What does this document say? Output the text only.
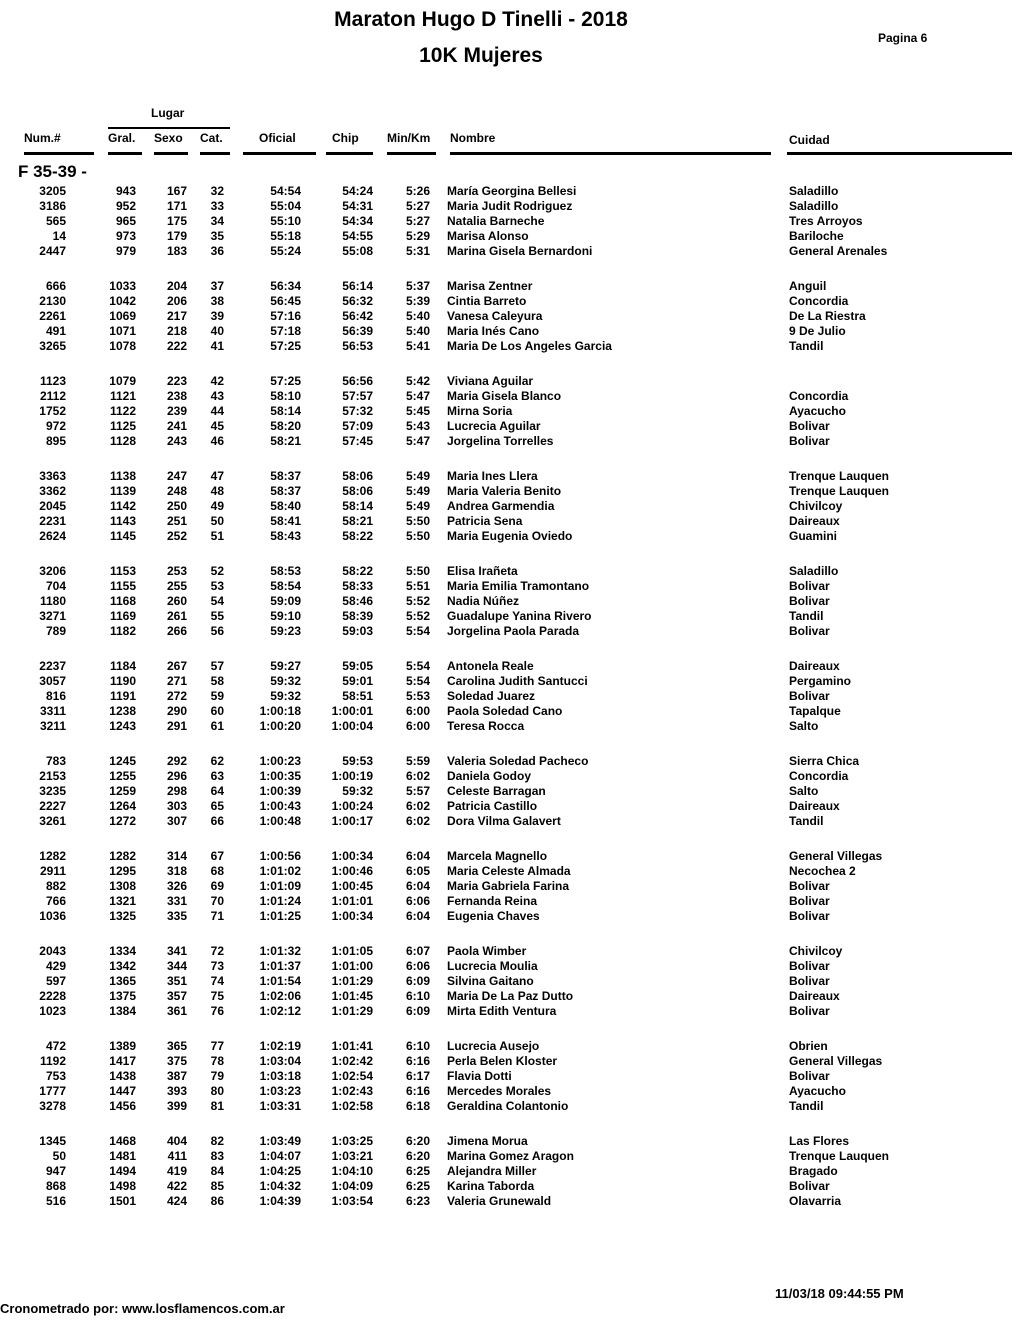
Maraton Hugo D Tinelli - 2018
10K Mujeres
Pagina 6
Lugar
Num.#	Gral. Sexo Cat.	Oficial	Chip Min/Km Nombre	Cuidad
F 35-39 -
3205	943	167 32	54:54	54:24	5:26 María Georgina Bellesi	Saladillo
3186	952	171 33	55:04	54:31	5:27 Maria Judit Rodriguez	Saladillo
565	965	175 34	55:10	54:34	5:27 Natalia Barneche	Tres Arroyos
14	973	179 35	55:18	54:55	5:29 Marisa Alonso	Bariloche
2447	979	183 36	55:24	55:08	5:31 Marina Gisela Bernardoni	General Arenales
666	1033	204 37	56:34	56:14	5:37 Marisa Zentner	Anguil
2130	1042	206 38	56:45	56:32	5:39 Cintia Barreto	Concordia
2261	1069	217 39	57:16	56:42	5:40 Vanesa Caleyura	De La Riestra
491	1071	218 40	57:18	56:39	5:40 Maria Inés Cano	9 De Julio
3265	1078	222 41	57:25	56:53	5:41 Maria De Los Angeles Garcia	Tandil
1123	1079	223 42	57:25	56:56	5:42 Viviana Aguilar
2112	1121	238 43	58:10	57:57	5:47 Maria Gisela Blanco	Concordia
1752	1122	239 44	58:14	57:32	5:45 Mirna Soria	Ayacucho
972	1125	241 45	58:20	57:09	5:43 Lucrecia Aguilar	Bolivar
895	1128	243 46	58:21	57:45	5:47 Jorgelina Torrelles	Bolivar
3363	1138	247 47	58:37	58:06	5:49 Maria Ines Llera	Trenque Lauquen
3362	1139	248 48	58:37	58:06	5:49 Maria Valeria Benito	Trenque Lauquen
2045	1142	250 49	58:40	58:14	5:49 Andrea Garmendia	Chivilcoy
2231	1143	251 50	58:41	58:21	5:50 Patricia Sena	Daireaux
2624	1145	252 51	58:43	58:22	5:50 Maria Eugenia Oviedo	Guamini
3206	1153	253 52	58:53	58:22	5:50 Elisa Irañeta	Saladillo
704	1155	255 53	58:54	58:33	5:51 Maria Emilia Tramontano	Bolivar
1180	1168	260 54	59:09	58:46	5:52 Nadia Núñez	Bolivar
3271	1169	261 55	59:10	58:39	5:52 Guadalupe Yanina Rivero	Tandil
789	1182	266 56	59:23	59:03	5:54 Jorgelina Paola Parada	Bolivar
2237	1184	267 57	59:27	59:05	5:54 Antonela Reale	Daireaux
3057	1190	271 58	59:32	59:01	5:54 Carolina Judith Santucci	Pergamino
816	1191	272 59	59:32	58:51	5:53 Soledad Juarez	Bolivar
3311	1238	290 60	1:00:18	1:00:01	6:00 Paola Soledad Cano	Tapalque
3211	1243	291 61	1:00:20	1:00:04	6:00 Teresa Rocca	Salto
783	1245	292 62	1:00:23	59:53	5:59 Valeria Soledad Pacheco	Sierra Chica
2153	1255	296 63	1:00:35	1:00:19	6:02 Daniela Godoy	Concordia
3235	1259	298 64	1:00:39	59:32	5:57 Celeste Barragan	Salto
2227	1264	303 65	1:00:43	1:00:24	6:02 Patricia Castillo	Daireaux
3261	1272	307 66	1:00:48	1:00:17	6:02 Dora Vilma Galavert	Tandil
1282	1282	314 67	1:00:56	1:00:34	6:04 Marcela Magnello	General Villegas
2911	1295	318 68	1:01:02	1:00:46	6:05 Maria Celeste Almada	Necochea 2
882	1308	326 69	1:01:09	1:00:45	6:04 Maria Gabriela Farina	Bolivar
766	1321	331 70	1:01:24	1:01:01	6:06 Fernanda Reina	Bolivar
1036	1325	335 71	1:01:25	1:00:34	6:04 Eugenia Chaves	Bolivar
2043	1334	341 72	1:01:32	1:01:05	6:07 Paola Wimber	Chivilcoy
429	1342	344 73	1:01:37	1:01:00	6:06 Lucrecia Moulia	Bolivar
597	1365	351 74	1:01:54	1:01:29	6:09 Silvina Gaitano	Bolivar
2228	1375	357 75	1:02:06	1:01:45	6:10 Maria De La Paz Dutto	Daireaux
1023	1384	361 76	1:02:12	1:01:29	6:09 Mirta Edith Ventura	Bolivar
472	1389	365 77	1:02:19	1:01:41	6:10 Lucrecia Ausejo	Obrien
1192	1417	375 78	1:03:04	1:02:42	6:16 Perla Belen Kloster	General Villegas
753	1438	387 79	1:03:18	1:02:54	6:17 Flavia Dotti	Bolivar
1777	1447	393 80	1:03:23	1:02:43	6:16 Mercedes Morales	Ayacucho
3278	1456	399 81	1:03:31	1:02:58	6:18 Geraldina Colantonio	Tandil
1345	1468	404 82	1:03:49	1:03:25	6:20 Jimena Morua	Las Flores
50	1481	411 83	1:04:07	1:03:21	6:20 Marina Gomez Aragon	Trenque Lauquen
947	1494	419 84	1:04:25	1:04:10	6:25 Alejandra Miller	Bragado
868	1498	422 85	1:04:32	1:04:09	6:25 Karina Taborda	Bolivar
516	1501	424 86	1:04:39	1:03:54	6:23 Valeria Grunewald	Olavarria
11/03/18 09:44:55 PM
Cronometrado por: www.losflamencos.com.ar
